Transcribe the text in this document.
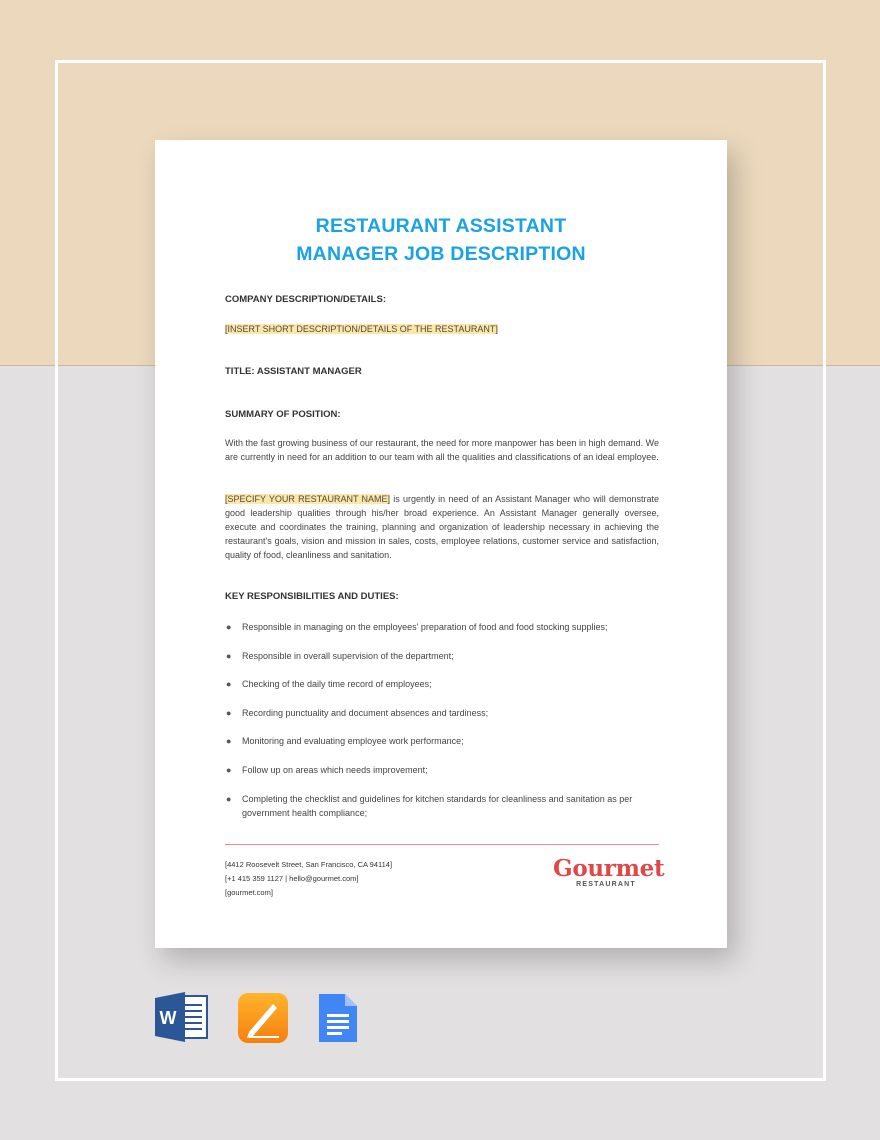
RESTAURANT ASSISTANT
MANAGER JOB DESCRIPTION
COMPANY DESCRIPTION/DETAILS:
[INSERT SHORT DESCRIPTION/DETAILS OF THE RESTAURANT]
TITLE: ASSISTANT MANAGER
SUMMARY OF POSITION:

With the fast growing business of our restaurant, the need for more manpower has been in high demand. We are currently in need for an addition to our team with all the qualities and classifications of an ideal employee.

[SPECIFY YOUR RESTAURANT NAME] is urgently in need of an Assistant Manager who will demonstrate good leadership qualities through his/her broad experience. An Assistant Manager generally oversee, execute and coordinates the training, planning and organization of leadership necessary in achieving the restaurant's goals, vision and mission in sales, costs, employee relations, customer service and satisfaction, quality of food, cleanliness and sanitation.

KEY RESPONSIBILITIES AND DUTIES:
● Responsible in managing on the employees' preparation of food and food stocking supplies;
● Responsible in overall supervision of the department;
● Checking of the daily time record of employees;
● Recording punctuality and document absences and tardiness;
● Monitoring and evaluating employee work performance;
● Follow up on areas which needs improvement;
● Completing the checklist and guidelines for kitchen standards for cleanliness and sanitation as per government health compliance;
[4412 Roosevelt Street, San Francisco, CA 94114]
[+1 415 359 1127 | hello@gourmet.com]
[gourmet.com]
Gourmet
RESTAURANT
W
